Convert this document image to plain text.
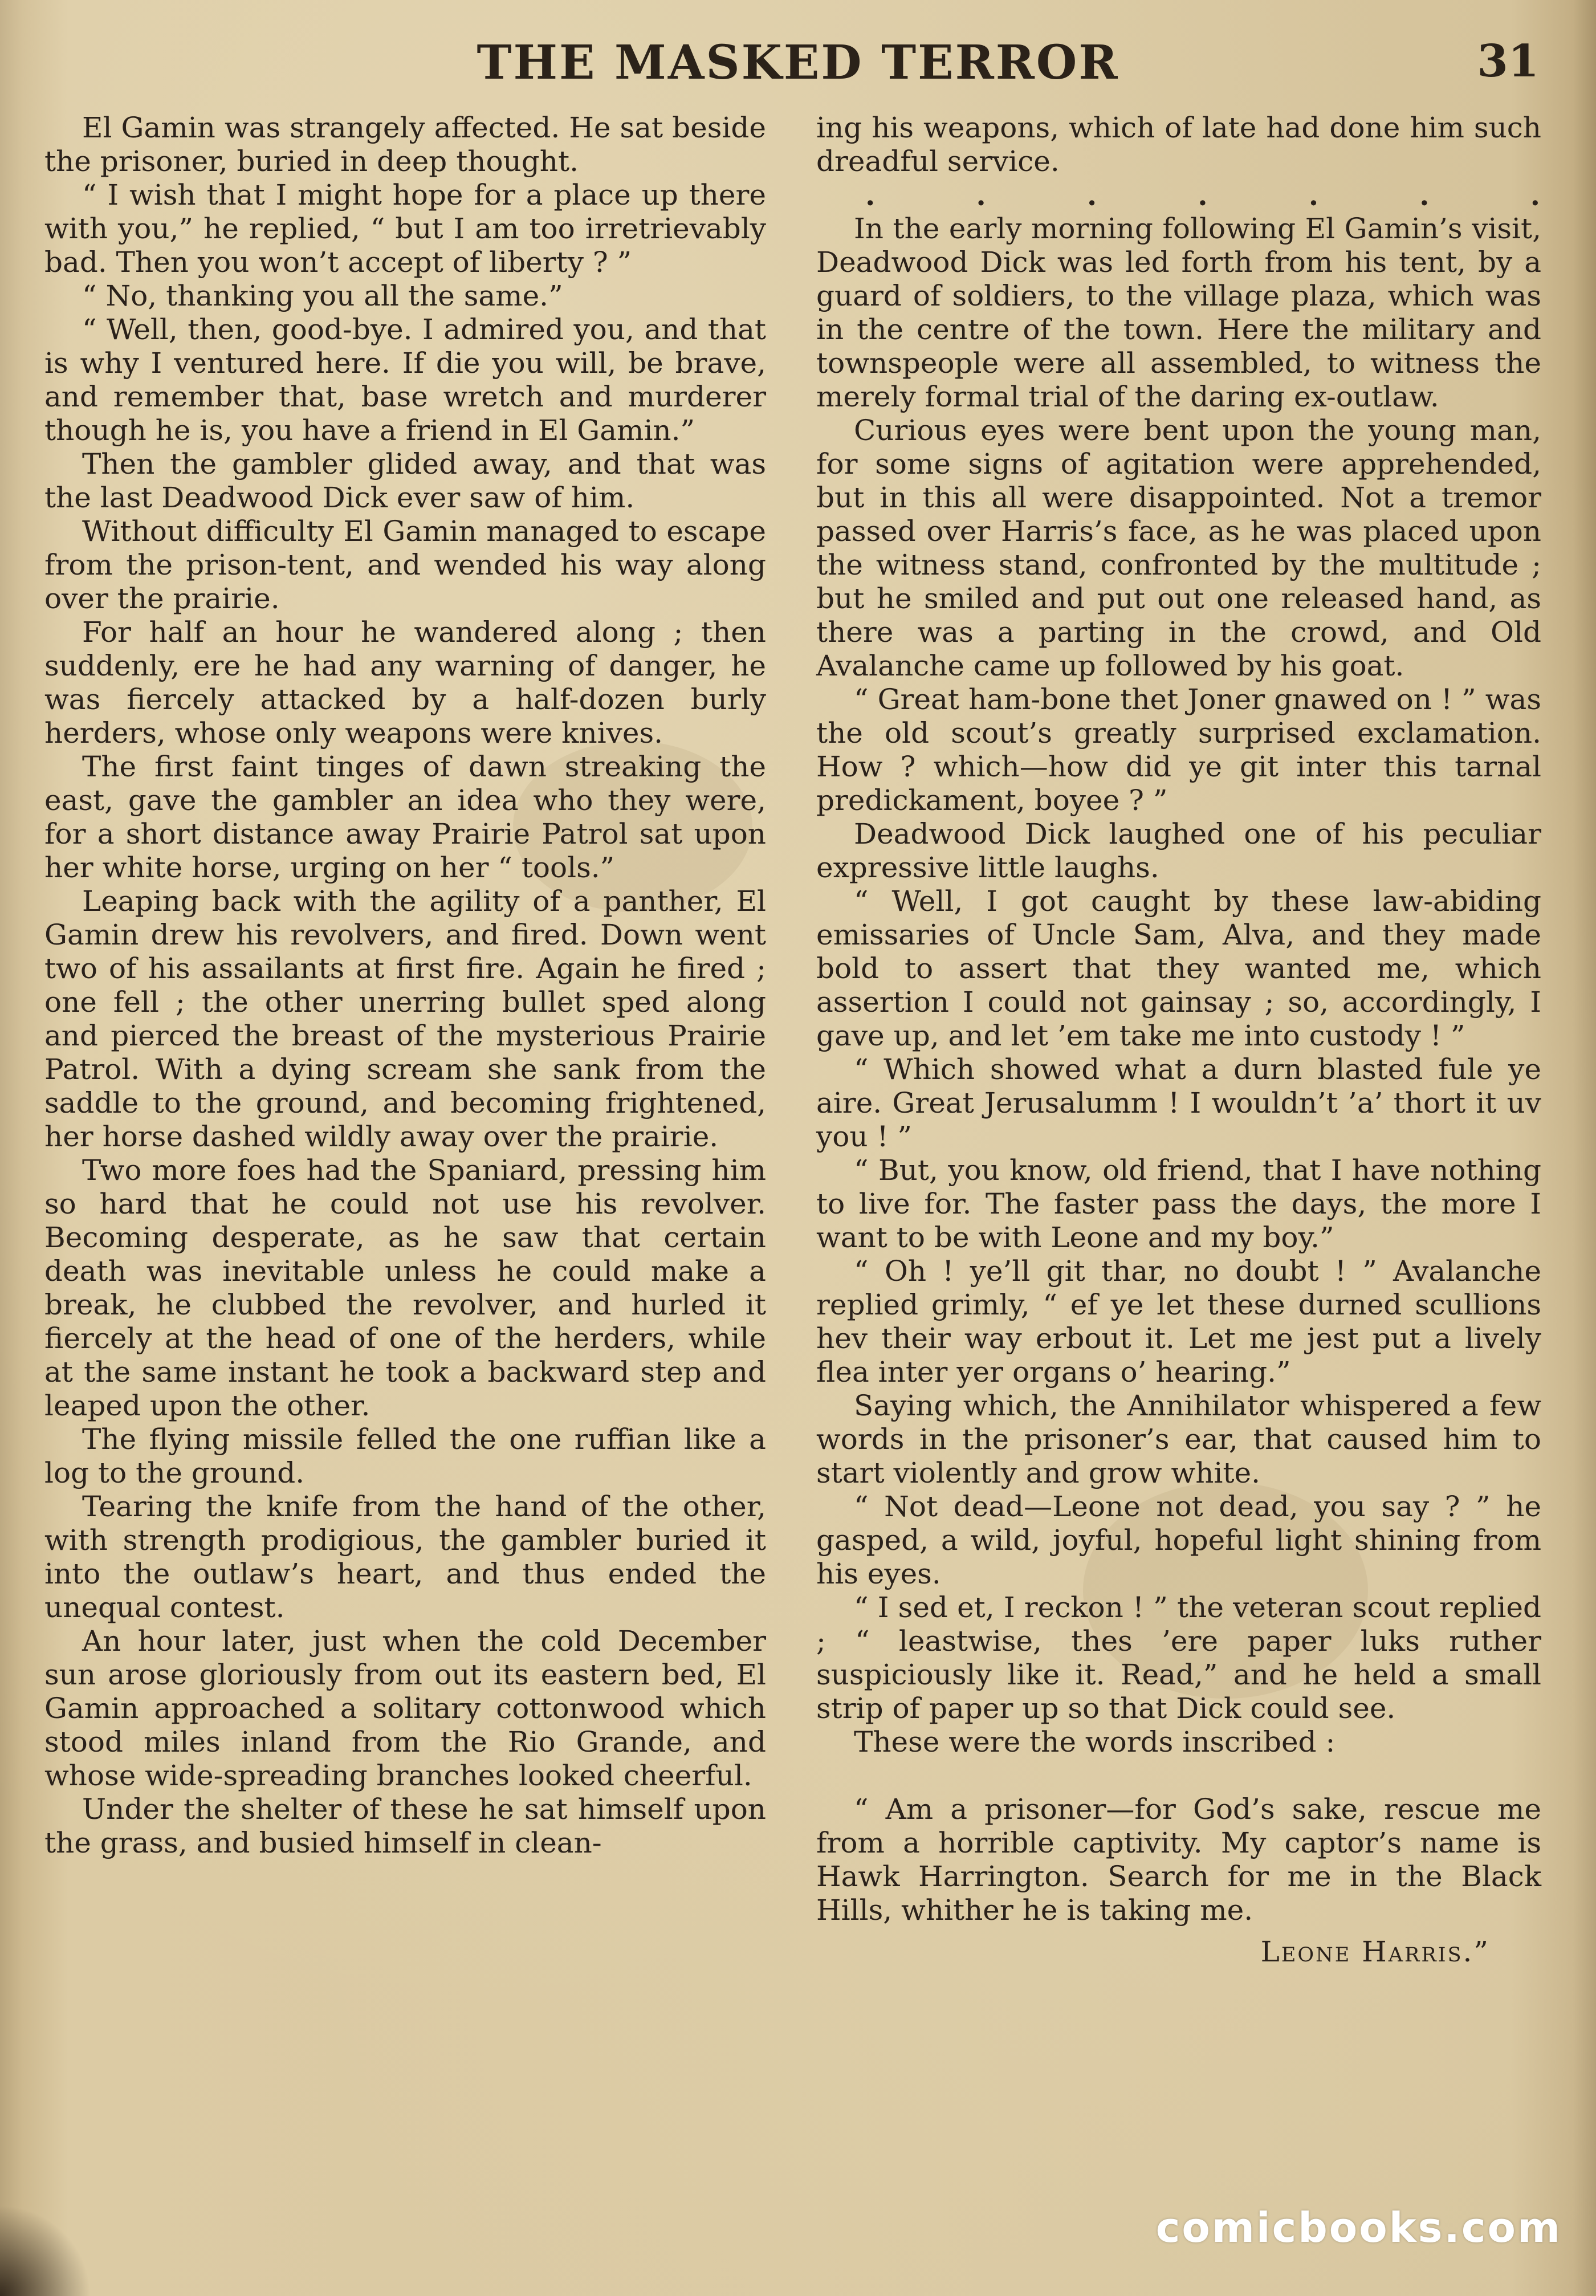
THE MASKED TERROR	31

El Gamin was strangely affected. He sat beside the prisoner, buried in deep thought.

“ I wish that I might hope for a place up there with you,” he replied, “ but I am too irretrievably bad. Then you won’t accept of liberty ? ”

“ No, thanking you all the same.”

“ Well, then, good-bye. I admired you, and that is why I ventured here. If die you will, be brave, and remember that, base wretch and murderer though he is, you have a friend in El Gamin.”

Then the gambler glided away, and that was the last Deadwood Dick ever saw of him.

Without difficulty El Gamin managed to escape from the prison-tent, and wended his way along over the prairie.

For half an hour he wandered along ; then suddenly, ere he had any warning of danger, he was fiercely attacked by a half-dozen burly herders, whose only weapons were knives.

The first faint tinges of dawn streaking the east, gave the gambler an idea who they were, for a short distance away Prairie Patrol sat upon her white horse, urging on her “ tools.”

Leaping back with the agility of a panther, El Gamin drew his revolvers, and fired. Down went two of his assailants at first fire. Again he fired ; one fell ; the other unerring bullet sped along and pierced the breast of the mysterious Prairie Patrol. With a dying scream she sank from the saddle to the ground, and becoming frightened, her horse dashed wildly away over the prairie.

Two more foes had the Spaniard, pressing him so hard that he could not use his revolver. Becoming desperate, as he saw that certain death was inevitable unless he could make a break, he clubbed the revolver, and hurled it fiercely at the head of one of the herders, while at the same instant he took a backward step and leaped upon the other.

The flying missile felled the one ruffian like a log to the ground.

Tearing the knife from the hand of the other, with strength prodigious, the gambler buried it into the outlaw’s heart, and thus ended the unequal contest.

An hour later, just when the cold December sun arose gloriously from out its eastern bed, El Gamin approached a solitary cottonwood which stood miles inland from the Rio Grande, and whose wide-spreading branches looked cheerful.

Under the shelter of these he sat himself upon the grass, and busied himself in clean-

ing his weapons, which of late had done him such dreadful service.

. . . . . . .

In the early morning following El Gamin’s visit, Deadwood Dick was led forth from his tent, by a guard of soldiers, to the village plaza, which was in the centre of the town. Here the military and townspeople were all assembled, to witness the merely formal trial of the daring ex-outlaw.

Curious eyes were bent upon the young man, for some signs of agitation were apprehended, but in this all were disappointed. Not a tremor passed over Harris’s face, as he was placed upon the witness stand, confronted by the multitude ; but he smiled and put out one released hand, as there was a parting in the crowd, and Old Avalanche came up followed by his goat.

“ Great ham-bone thet Joner gnawed on ! ” was the old scout’s greatly surprised exclamation. How ? which—how did ye git inter this tarnal predickament, boyee ? ”

Deadwood Dick laughed one of his peculiar expressive little laughs.

“ Well, I got caught by these law-abiding emissaries of Uncle Sam, Alva, and they made bold to assert that they wanted me, which assertion I could not gainsay ; so, accordingly, I gave up, and let ’em take me into custody ! ”

“ Which showed what a durn blasted fule ye aire. Great Jerusalumm ! I wouldn’t ’a’ thort it uv you ! ”

“ But, you know, old friend, that I have nothing to live for. The faster pass the days, the more I want to be with Leone and my boy.”

“ Oh ! ye’ll git thar, no doubt ! ” Avalanche replied grimly, “ ef ye let these durned scullions hev their way erbout it. Let me jest put a lively flea inter yer organs o’ hearing.”

Saying which, the Annihilator whispered a few words in the prisoner’s ear, that caused him to start violently and grow white.

“ Not dead—Leone not dead, you say ? ” he gasped, a wild, joyful, hopeful light shining from his eyes.

“ I sed et, I reckon ! ” the veteran scout replied ; “ leastwise, thes ’ere paper luks ruther suspiciously like it. Read,” and he held a small strip of paper up so that Dick could see.

These were the words inscribed :

“ Am a prisoner—for God’s sake, rescue me from a horrible captivity. My captor’s name is Hawk Harrington. Search for me in the Black Hills, whither he is taking me.

Leone Harris.”
comicbooks.com
